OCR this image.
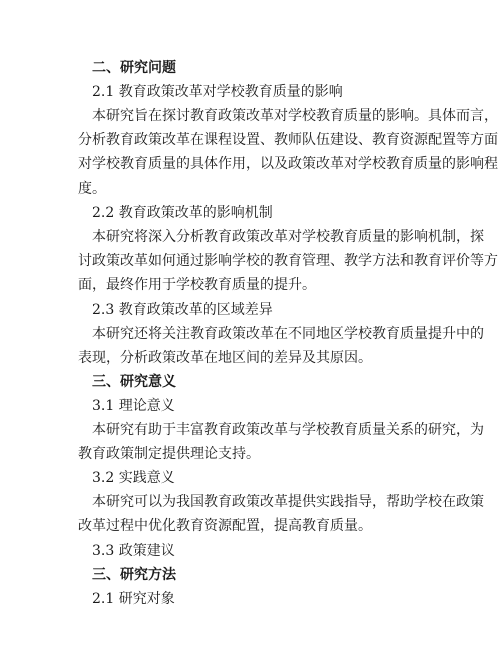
二、研究问题
2.1 教育政策改革对学校教育质量的影响
本研究旨在探讨教育政策改革对学校教育质量的影响。具体而言，
分析教育政策改革在课程设置、教师队伍建设、教育资源配置等方面
对学校教育质量的具体作用，以及政策改革对学校教育质量的影响程
度。
2.2 教育政策改革的影响机制
本研究将深入分析教育政策改革对学校教育质量的影响机制，探
讨政策改革如何通过影响学校的教育管理、教学方法和教育评价等方
面，最终作用于学校教育质量的提升。
2.3 教育政策改革的区域差异
本研究还将关注教育政策改革在不同地区学校教育质量提升中的
表现，分析政策改革在地区间的差异及其原因。
三、研究意义
3.1 理论意义
本研究有助于丰富教育政策改革与学校教育质量关系的研究，为
教育政策制定提供理论支持。
3.2 实践意义
本研究可以为我国教育政策改革提供实践指导，帮助学校在政策
改革过程中优化教育资源配置，提高教育质量。
3.3 政策建议
三、研究方法
2.1 研究对象
